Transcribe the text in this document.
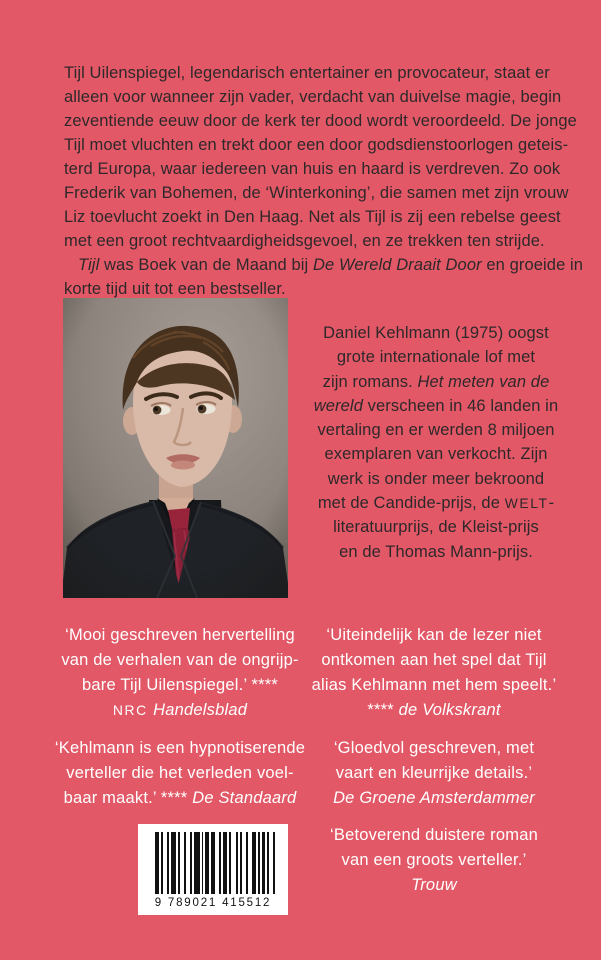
Tijl Uilenspiegel, legendarisch entertainer en provocateur, staat er
alleen voor wanneer zijn vader, verdacht van duivelse magie, begin
zeventiende eeuw door de kerk ter dood wordt veroordeeld. De jonge
Tijl moet vluchten en trekt door een door godsdienstoorlogen geteis-
terd Europa, waar iedereen van huis en haard is verdreven. Zo ook
Frederik van Bohemen, de ‘Winterkoning’, die samen met zijn vrouw
Liz toevlucht zoekt in Den Haag. Net als Tijl is zij een rebelse geest
met een groot rechtvaardigheidsgevoel, en ze trekken ten strijde.
Tijl was Boek van de Maand bij De Wereld Draait Door en groeide in
korte tijd uit tot een bestseller.
Daniel Kehlmann (1975) oogst
grote internationale lof met
zijn romans. Het meten van de
wereld verscheen in 46 landen in
vertaling en er werden 8 miljoen
exemplaren van verkocht. Zijn
werk is onder meer bekroond
met de Candide-prijs, de WELT-
literatuurprijs, de Kleist-prijs
en de Thomas Mann-prijs.
‘Mooi geschreven hervertelling
van de verhalen van de ongrijp-
bare Tijl Uilenspiegel.’ ****
NRC Handelsblad
‘Uiteindelijk kan de lezer niet
ontkomen aan het spel dat Tijl
alias Kehlmann met hem speelt.’
**** de Volkskrant
‘Kehlmann is een hypnotiserende
verteller die het verleden voel-
baar maakt.’ **** De Standaard
‘Gloedvol geschreven, met
vaart en kleurrijke details.’
De Groene Amsterdammer
‘Betoverend duistere roman
van een groots verteller.’
Trouw
9 789021 415512
